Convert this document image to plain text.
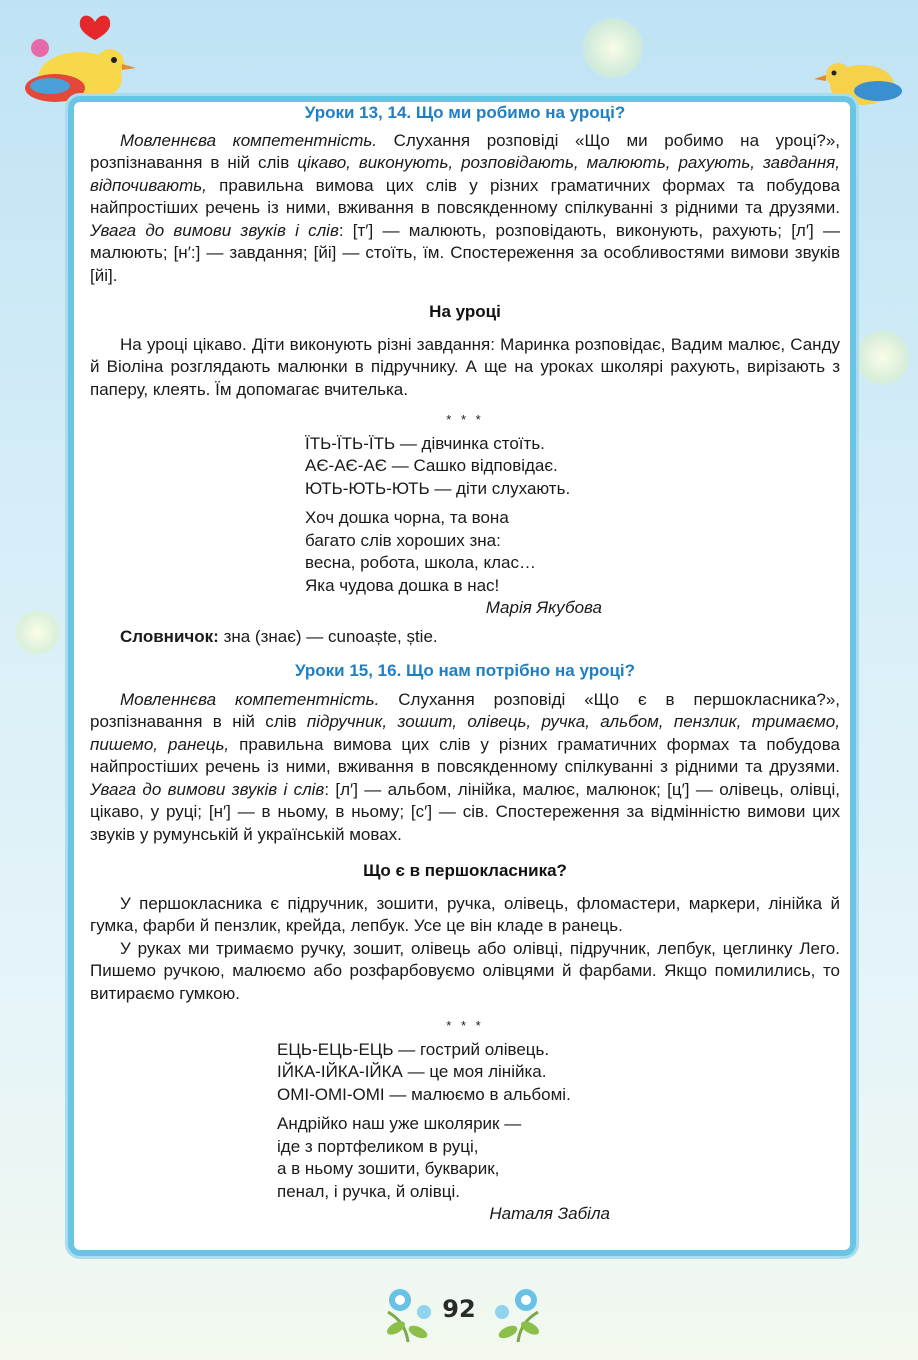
Уроки 13, 14. Що ми робимо на уроці?

Мовленнєва компетентність. Слухання розповіді «Що ми робимо на уроці?», розпізнавання в ній слів цікаво, виконують, розповідають, малюють, рахують, завдання, відпочивають, правильна вимова цих слів у різних граматичних формах та побудова найпростіших речень із ними, вживання в повсякденному спілкуванні з рідними та друзями. Увага до вимови звуків і слів: [т′] — малюють, розповідають, виконують, рахують; [л′] — малюють; [н′:] — завдання; [йі] — стоїть, їм. Спостереження за особливостями вимови звуків [йі].

На уроці

На уроці цікаво. Діти виконують різні завдання: Маринка розповідає, Вадим малює, Санду й Віоліна розглядають малюнки в підручнику. А ще на уроках школярі рахують, вирізають з паперу, клеять. Їм допомагає вчителька.

* * *
ЇТЬ-ЇТЬ-ЇТЬ — дівчинка стоїть.
АЄ-АЄ-АЄ — Сашко відповідає.
ЮТЬ-ЮТЬ-ЮТЬ — діти слухають.
Хоч дошка чорна, та вона
багато слів хороших зна:
весна, робота, школа, клас…
Яка чудова дошка в нас!
Марія Якубова
Словничок: зна (знає) — cunoaște, știe.
Уроки 15, 16. Що нам потрібно на уроці?

Мовленнєва компетентність. Слухання розповіді «Що є в першокласника?», розпізнавання в ній слів підручник, зошит, олівець, ручка, альбом, пензлик, тримаємо, пишемо, ранець, правильна вимова цих слів у різних граматичних формах та побудова найпростіших речень із ними, вживання в повсякденному спілкуванні з рідними та друзями. Увага до вимови звуків і слів: [л′] — альбом, лінійка, малює, малюнок; [ц′] — олівець, олівці, цікаво, у руці; [н′] — в ньому, в ньому; [с′] — сів. Спостереження за відмінністю вимови цих звуків у румунській й українській мовах.

Що є в першокласника?

У першокласника є підручник, зошити, ручка, олівець, фломастери, маркери, лінійка й гумка, фарби й пензлик, крейда, лепбук. Усе це він кладе в ранець.

У руках ми тримаємо ручку, зошит, олівець або олівці, підручник, лепбук, цеглинку Лего. Пишемо ручкою, малюємо або розфарбовуємо олівцями й фарбами. Якщо помилились, то витираємо гумкою.

* * *
ЕЦЬ-ЕЦЬ-ЕЦЬ — гострий олівець.
ІЙКА-ІЙКА-ІЙКА — це моя лінійка.
ОМІ-ОМІ-ОМІ — малюємо в альбомі.
Андрійко наш уже школярик —
іде з портфеликом в руці,
а в ньому зошити, букварик,
пенал, і ручка, й олівці.
Наталя Забіла
92
